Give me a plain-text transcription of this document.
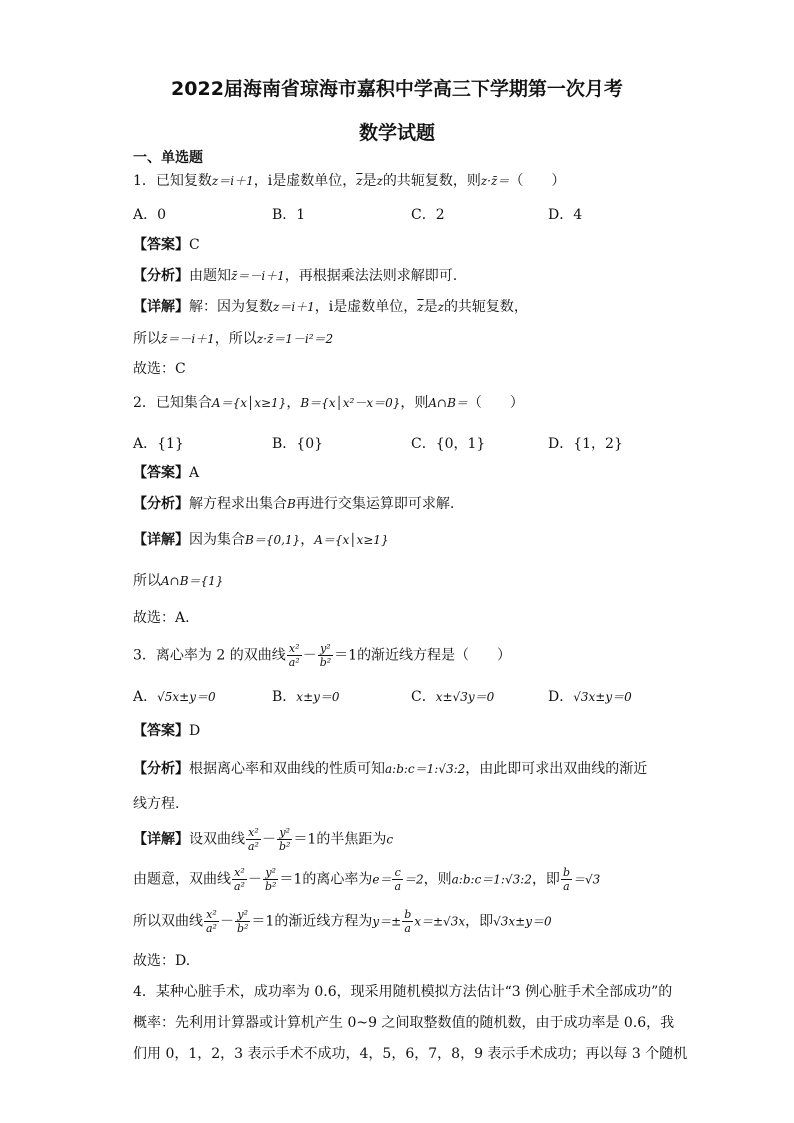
2022届海南省琼海市嘉积中学高三下学期第一次月考
数学试题
一、单选题
1．已知复数z＝i＋1，i是虚数单位，$\overline{z}$是z的共轭复数，则z·z̄＝（　　）
A．0	B．1	C．2	D．4
【答案】C
【分析】由题知z̄＝－i＋1，再根据乘法法则求解即可.
【详解】解：因为复数z＝i＋1，i是虚数单位，$\overline{z}$是z的共轭复数，
所以z̄＝－i＋1，所以z·z̄＝1－i²＝2
故选：C
2．已知集合A＝{x│x≥1}，B＝{x│x²－x＝0}，则A∩B＝（　　）
A．{1}	B．{0}	C．{0，1}	D．{1，2}
【答案】A
【分析】解方程求出集合B再进行交集运算即可求解.
【详解】因为集合B＝{0,1}，A＝{x│x≥1}
所以A∩B＝{1}
故选：A.
3．离心率为 2 的双曲线 $\frac{\text{x²}}{\text{a²}} - \frac{\text{y²}}{\text{b²}} =1$的渐近线方程是（　　）
A．√5x±y＝0	B．x±y＝0	C．x±√3y＝0	D．√3x±y＝0
【答案】D
【分析】根据离心率和双曲线的性质可知a:b:c＝1:√3:2，由此即可求出双曲线的渐近
线方程.
【详解】设双曲线 $\frac{\text{x²}}{\text{a²}} - \frac{\text{y²}}{\text{b²}} =1$的半焦距为c
由题意，双曲线 $\frac{\text{x²}}{\text{a²}} - \frac{\text{y²}}{\text{b²}} =1$的离心率为$e= \frac{c}{a} =2$，则a:b:c＝1:√3:2，即 $\frac{b}{a} =√3$
所以双曲线 $\frac{\text{x²}}{\text{a²}} - \frac{\text{y²}}{\text{b²}} =1$的渐近线方程为$y=\pm \frac{b}{a} x=\pm√3x$，即√3x±y＝0
故选：D.
4．某种心脏手术，成功率为 0.6，现采用随机模拟方法估计“3 例心脏手术全部成功”的
概率：先利用计算器或计算机产生 0~9 之间取整数值的随机数，由于成功率是 0.6，我
们用 0，1，2，3 表示手术不成功，4，5，6，7，8，9 表示手术成功；再以每 3 个随机
